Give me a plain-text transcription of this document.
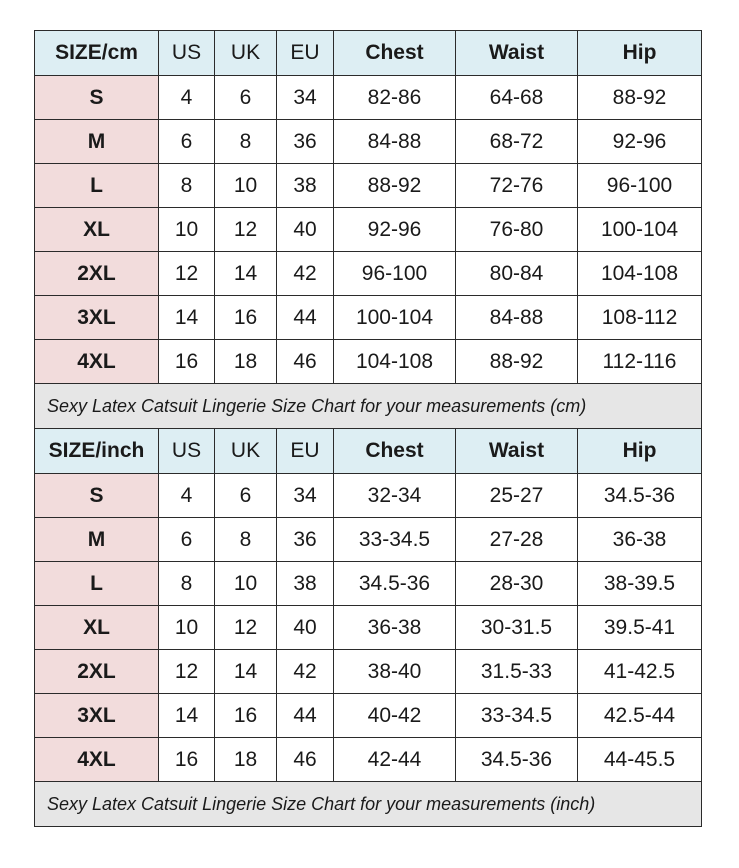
SIZE/cm	US	UK	EU	Chest	Waist	Hip
S	4	6	34	82-86	64-68	88-92
M	6	8	36	84-88	68-72	92-96
L	8	10	38	88-92	72-76	96-100
XL	10	12	40	92-96	76-80	100-104
2XL	12	14	42	96-100	80-84	104-108
3XL	14	16	44	100-104	84-88	108-112
4XL	16	18	46	104-108	88-92	112-116
Sexy Latex Catsuit Lingerie Size Chart for your measurements (cm)						
SIZE/inch	US	UK	EU	Chest	Waist	Hip
S	4	6	34	32-34	25-27	34.5-36
M	6	8	36	33-34.5	27-28	36-38
L	8	10	38	34.5-36	28-30	38-39.5
XL	10	12	40	36-38	30-31.5	39.5-41
2XL	12	14	42	38-40	31.5-33	41-42.5
3XL	14	16	44	40-42	33-34.5	42.5-44
4XL	16	18	46	42-44	34.5-36	44-45.5
Sexy Latex Catsuit Lingerie Size Chart for your measurements (inch)						
